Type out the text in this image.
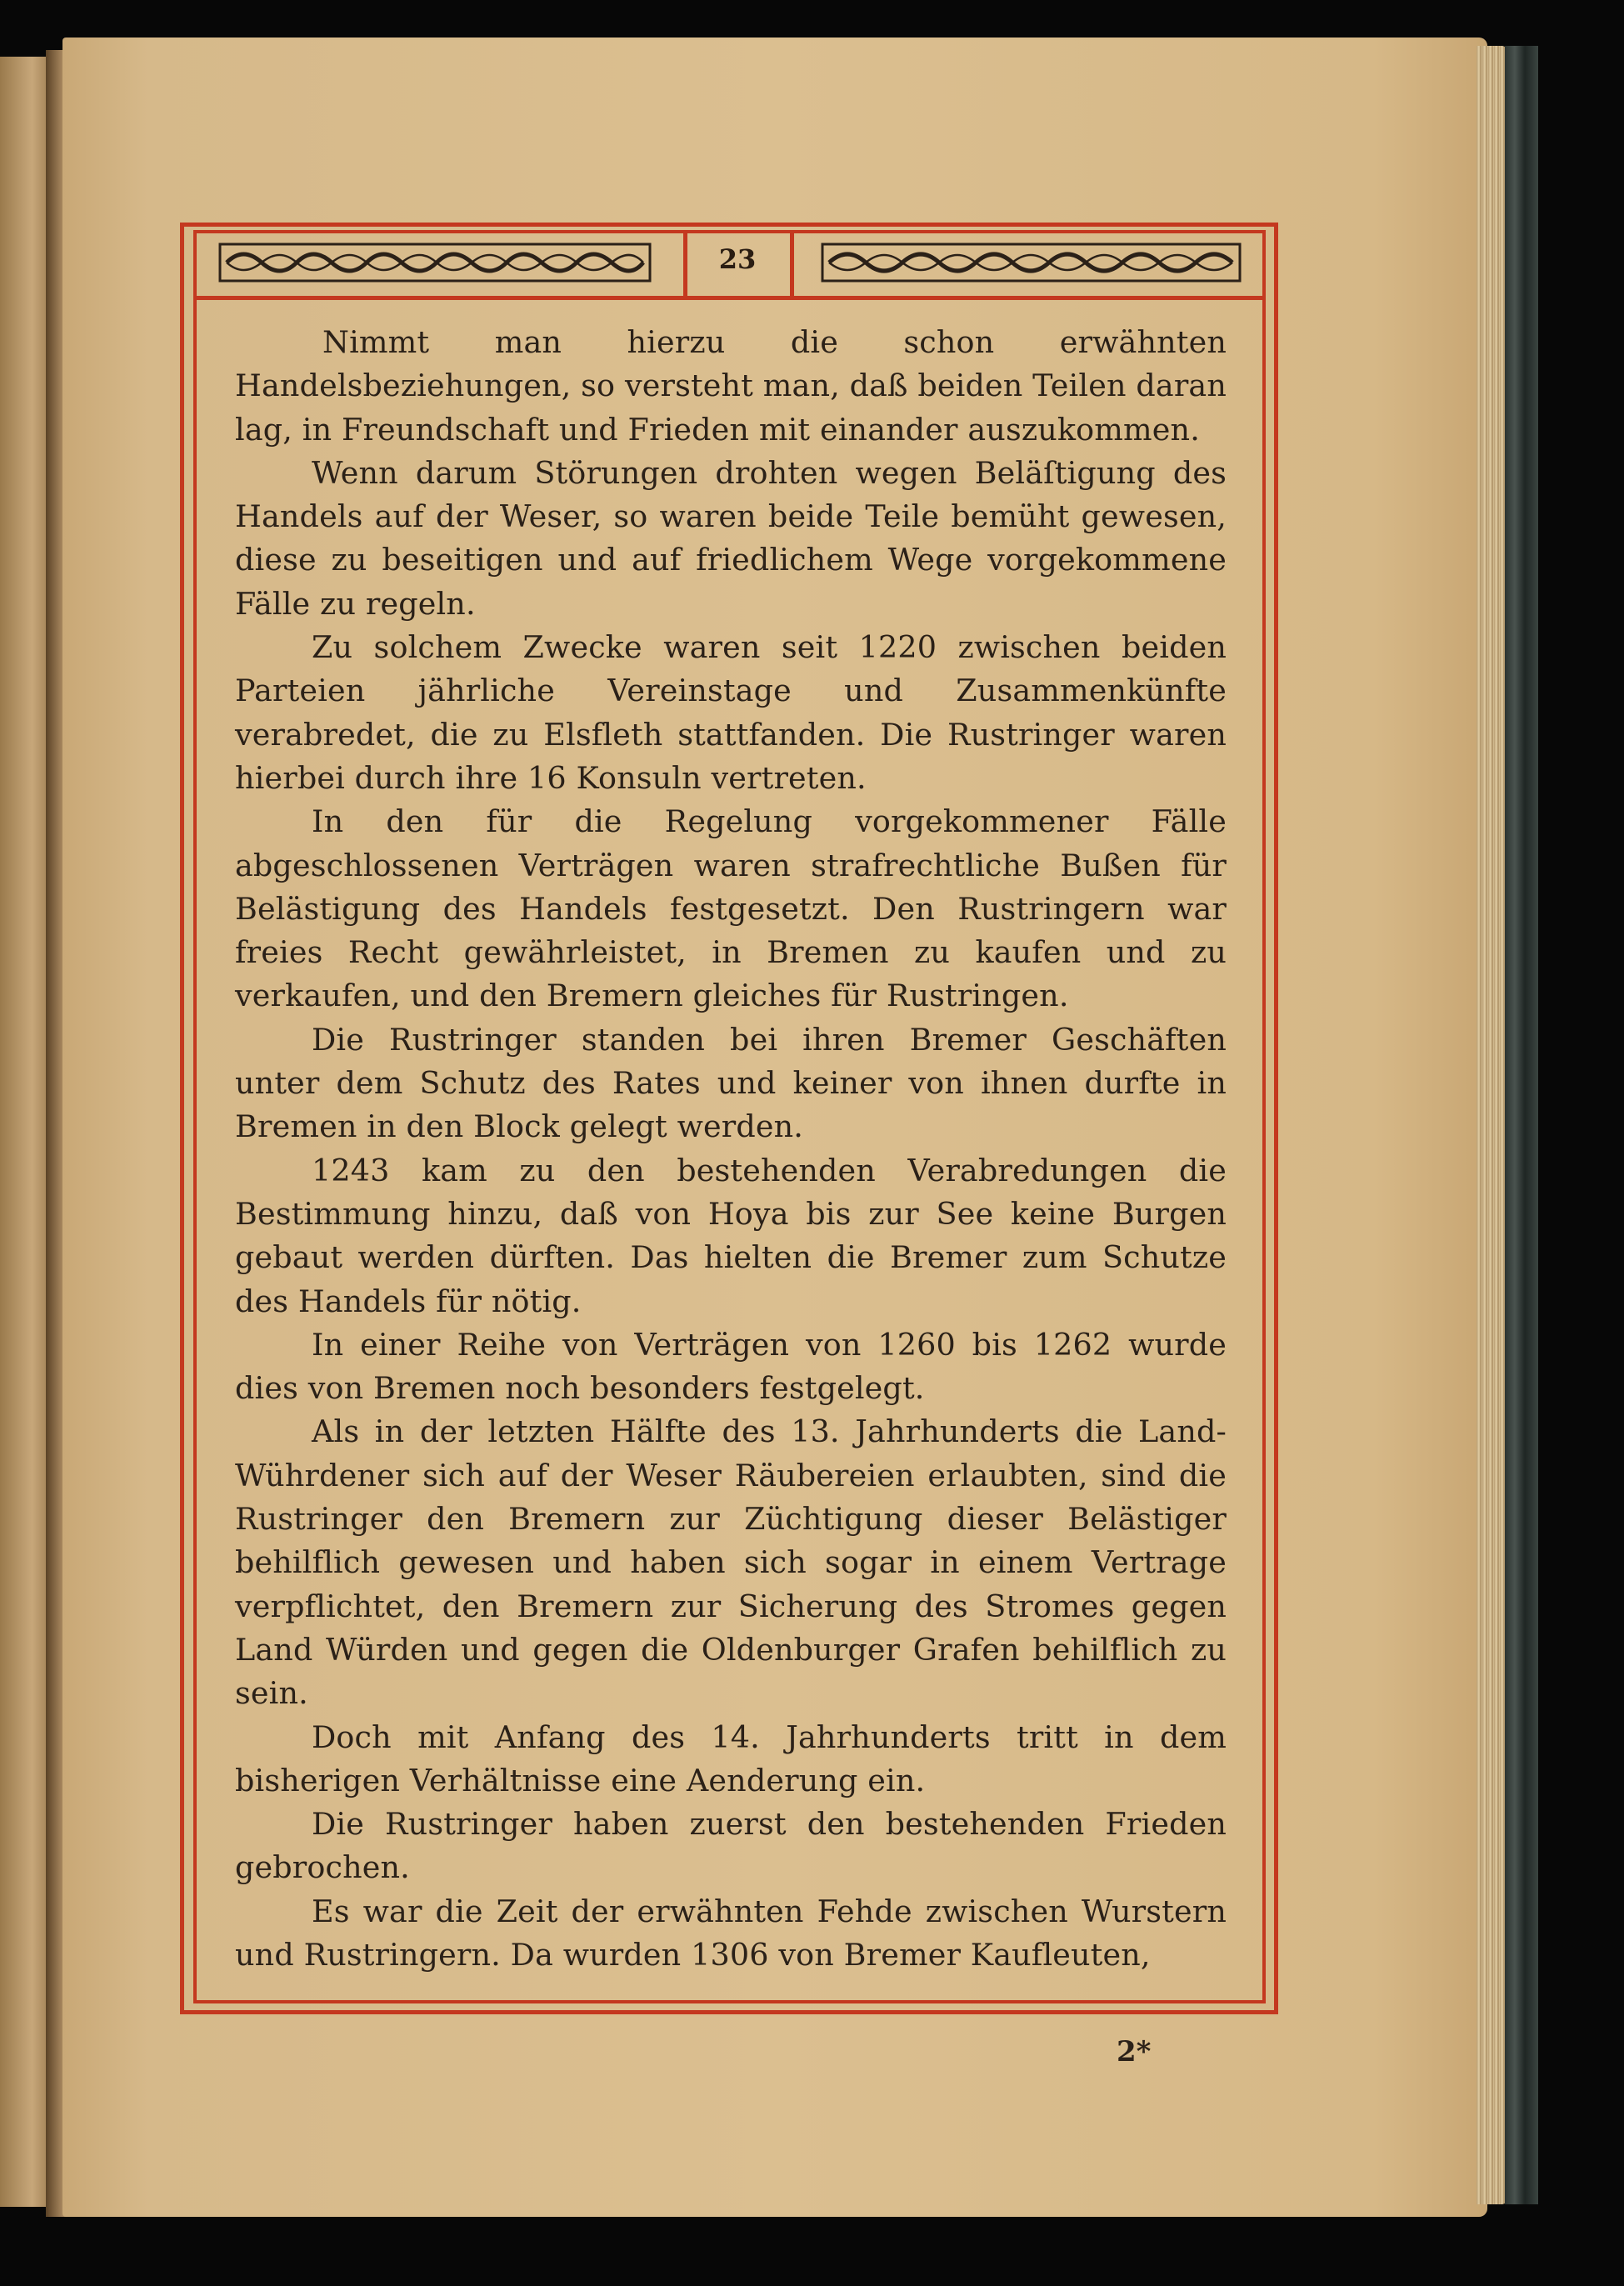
23

Nimmt man hierzu die schon erwähnten Handelsbeziehungen, so versteht man, daß beiden Teilen daran lag, in Freundschaft und Frieden mit einander auszukommen.

Wenn darum Störungen drohten wegen Beläſtigung des Handels auf der Weser, so waren beide Teile bemüht gewesen, diese zu beseitigen und auf friedlichem Wege vorgekommene Fälle zu regeln.

Zu solchem Zwecke waren seit 1220 zwischen beiden Parteien jährliche Vereinstage und Zusammenkünfte verabredet, die zu Elsfleth stattfanden. Die Rustringer waren hierbei durch ihre 16 Konsuln vertreten.

In den für die Regelung vorgekommener Fälle abgeschlossenen Verträgen waren strafrechtliche Bußen für Belästigung des Handels festgesetzt. Den Rustringern war freies Recht gewährleistet, in Bremen zu kaufen und zu verkaufen, und den Bremern gleiches für Rustringen.

Die Rustringer standen bei ihren Bremer Geschäften unter dem Schutz des Rates und keiner von ihnen durfte in Bremen in den Block gelegt werden.

1243 kam zu den bestehenden Verabredungen die Bestimmung hinzu, daß von Hoya bis zur See keine Burgen gebaut werden dürften. Das hielten die Bremer zum Schutze des Handels für nötig.

In einer Reihe von Verträgen von 1260 bis 1262 wurde dies von Bremen noch besonders festgelegt.

Als in der letzten Hälfte des 13. Jahrhunderts die Land-Wührdener sich auf der Weser Räubereien erlaubten, sind die Rustringer den Bremern zur Züchtigung dieser Belästiger behilflich gewesen und haben sich sogar in einem Vertrage verpflichtet, den Bremern zur Sicherung des Stromes gegen Land Würden und gegen die Oldenburger Grafen behilflich zu sein.

Doch mit Anfang des 14. Jahrhunderts tritt in dem bisherigen Verhältnisse eine Aenderung ein.

Die Rustringer haben zuerst den bestehenden Frieden gebrochen.

Es war die Zeit der erwähnten Fehde zwischen Wurstern und Rustringern. Da wurden 1306 von Bremer Kaufleuten,

2*
